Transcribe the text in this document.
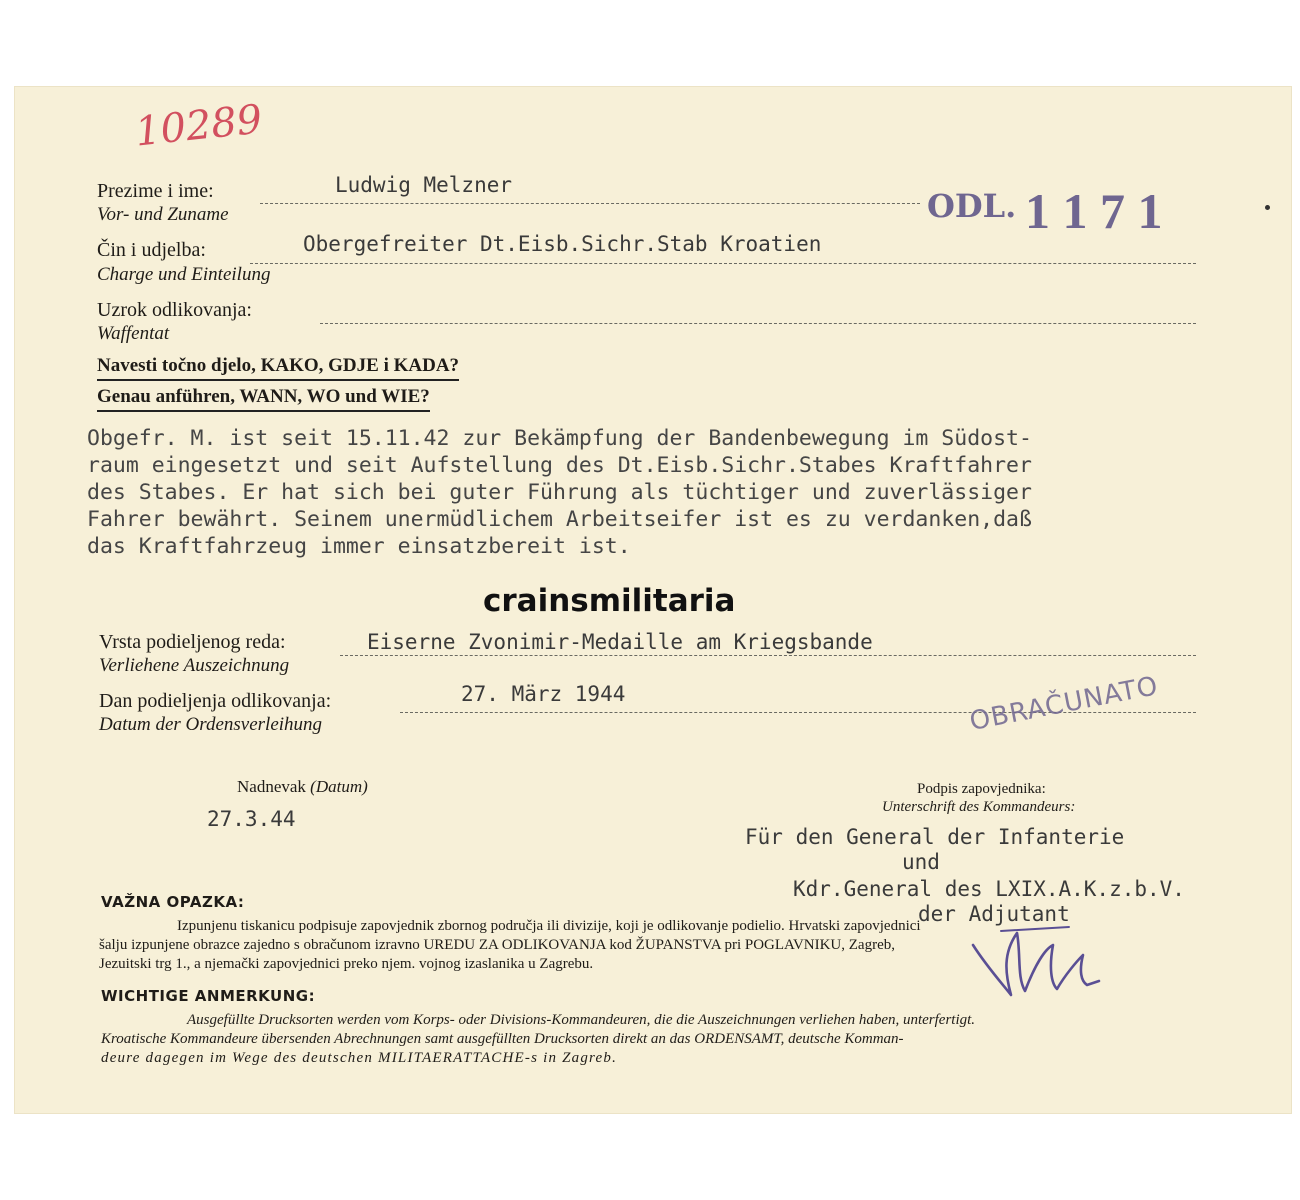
10289
Prezime i ime:
Vor- und Zuname
Ludwig Melzner
ODL. 1 1 7 1
Čin i udjelba:
Charge und Einteilung
Obergefreiter Dt.Eisb.Sichr.Stab Kroatien
Uzrok odlikovanja:
Waffentat
Navesti točno djelo, KAKO, GDJE i KADA?
Genau anführen, WANN, WO und WIE?
Obgefr. M. ist seit 15.11.42 zur Bekämpfung der Bandenbewegung im Südost-
raum eingesetzt und seit Aufstellung des Dt.Eisb.Sichr.Stabes Kraftfahrer
des Stabes. Er hat sich bei guter Führung als tüchtiger und zuverlässiger
Fahrer bewährt. Seinem unermüdlichem Arbeitseifer ist es zu verdanken,daß
das Kraftfahrzeug immer einsatzbereit ist.
crainsmilitaria
Vrsta podieljenog reda:
Verliehene Auszeichnung
Eiserne Zvonimir-Medaille am Kriegsbande
Dan podieljenja odlikovanja:
Datum der Ordensverleihung
27. März 1944	OBRAČUNATO
Nadnevak (Datum)
27.3.44
Podpis zapovjednika:
Unterschrift des Kommandeurs:
Für den General der Infanterie
und
Kdr.General des LXIX.A.K.z.b.V.
der Adjutant
VAŽNA OPAZKA:
Izpunjenu tiskanicu podpisuje zapovjednik zbornog područja ili divizije, koji je odlikovanje podielio. Hrvatski zapovjednici
šalju izpunjene obrazce zajedno s obračunom izravno UREDU ZA ODLIKOVANJA kod ŽUPANSTVA pri POGLAVNIKU, Zagreb,
Jezuitski trg 1., a njemački zapovjednici preko njem. vojnog izaslanika u Zagrebu.
WICHTIGE ANMERKUNG:
Ausgefüllte Drucksorten werden vom Korps- oder Divisions-Kommandeuren, die die Auszeichnungen verliehen haben, unterfertigt.
Kroatische Kommandeure übersenden Abrechnungen samt ausgefüllten Drucksorten direkt an das ORDENSAMT, deutsche Komman-
deure dagegen im Wege des deutschen MILITAERATTACHE-s in Zagreb.
